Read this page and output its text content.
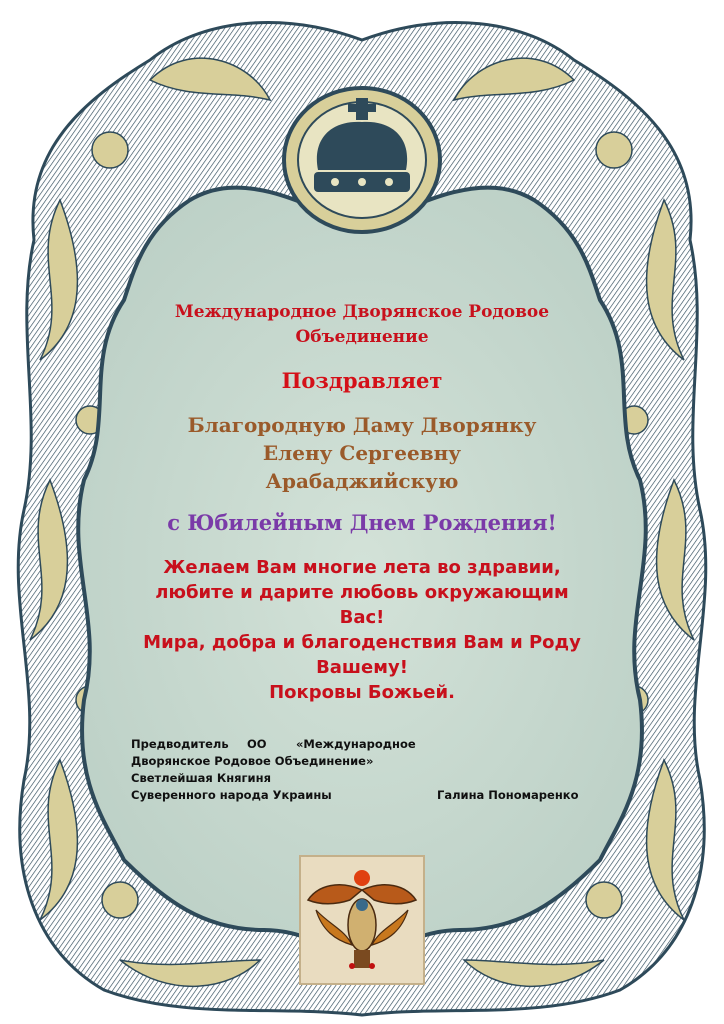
Международное Дворянское Родовое
Объединение
Поздравляет
Благородную Даму Дворянку
Елену Сергеевну
Арабаджийскую
с Юбилейным Днем Рождения!
Желаем Вам многие лета во здравии,
любите и дарите любовь окружающим
Вас!
Мира, добра и благоденствия Вам и Роду
Вашему!
Покровы Божьей.
Предводитель ОО	«Международное
Дворянское Родовое Объединение»
Светлейшая Княгиня
Суверенного народа Украины	Галина Пономаренко
